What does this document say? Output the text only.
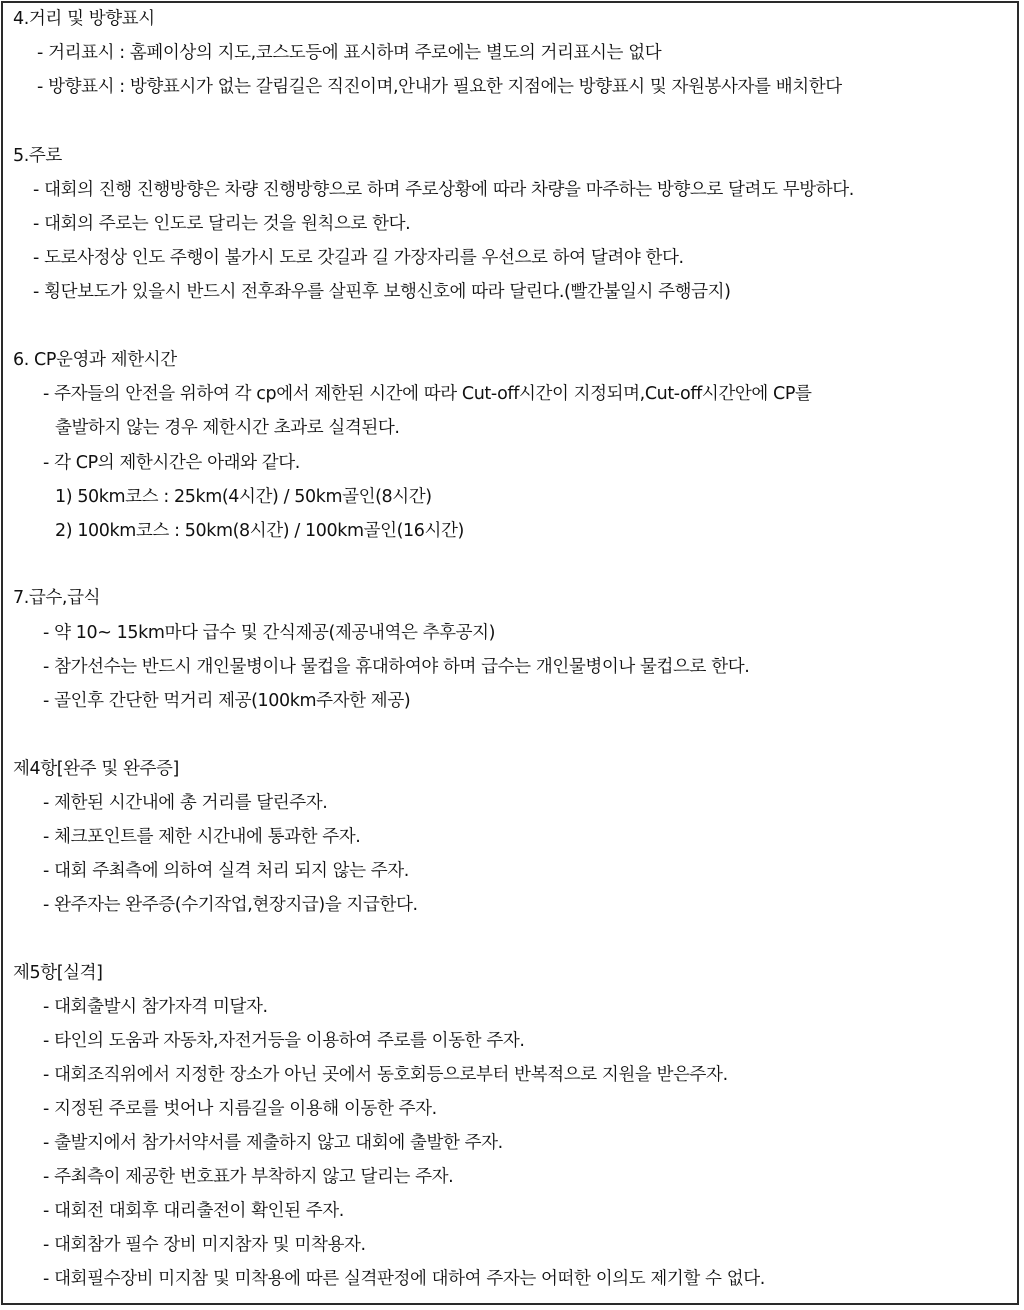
4.거리 및 방향표시
- 거리표시 : 홈페이상의 지도,코스도등에 표시하며 주로에는 별도의 거리표시는 없다
- 방향표시 : 방향표시가 없는 갈림길은 직진이며,안내가 필요한 지점에는 방향표시 및 자원봉사자를 배치한다
5.주로
- 대회의 진행 진행방향은 차량 진행방향으로 하며 주로상황에 따라 차량을 마주하는 방향으로 달려도 무방하다.
- 대회의 주로는 인도로 달리는 것을 원칙으로 한다.
- 도로사정상 인도 주행이 불가시 도로 갓길과 길 가장자리를 우선으로 하여 달려야 한다.
- 횡단보도가 있을시 반드시 전후좌우를 살핀후 보행신호에 따라 달린다.(빨간불일시 주행금지)
6. CP운영과 제한시간
- 주자들의 안전을 위하여 각 cp에서 제한된 시간에 따라 Cut-off시간이 지정되며,Cut-off시간안에 CP를
출발하지 않는 경우 제한시간 초과로 실격된다.
- 각 CP의 제한시간은 아래와 같다.
1) 50km코스 : 25km(4시간) / 50km골인(8시간)
2) 100km코스 : 50km(8시간) / 100km골인(16시간)
7.급수,급식
- 약 10~ 15km마다 급수 및 간식제공(제공내역은 추후공지)
- 참가선수는 반드시 개인물병이나 물컵을 휴대하여야 하며 급수는 개인물병이나 물컵으로 한다.
- 골인후 간단한 먹거리 제공(100km주자한 제공)
제4항[완주 및 완주증]
- 제한된 시간내에 총 거리를 달린주자.
- 체크포인트를 제한 시간내에 통과한 주자.
- 대회 주최측에 의하여 실격 처리 되지 않는 주자.
- 완주자는 완주증(수기작업,현장지급)을 지급한다.
제5항[실격]
- 대회출발시 참가자격 미달자.
- 타인의 도움과 자동차,자전거등을 이용하여 주로를 이동한 주자.
- 대회조직위에서 지정한 장소가 아닌 곳에서 동호회등으로부터 반복적으로 지원을 받은주자.
- 지정된 주로를 벗어나 지름길을 이용해 이동한 주자.
- 출발지에서 참가서약서를 제출하지 않고 대회에 출발한 주자.
- 주최측이 제공한 번호표가 부착하지 않고 달리는 주자.
- 대회전 대회후 대리출전이 확인된 주자.
- 대회참가 필수 장비 미지참자 및 미착용자.
- 대회필수장비 미지참 및 미착용에 따른 실격판정에 대하여 주자는 어떠한 이의도 제기할 수 없다.
